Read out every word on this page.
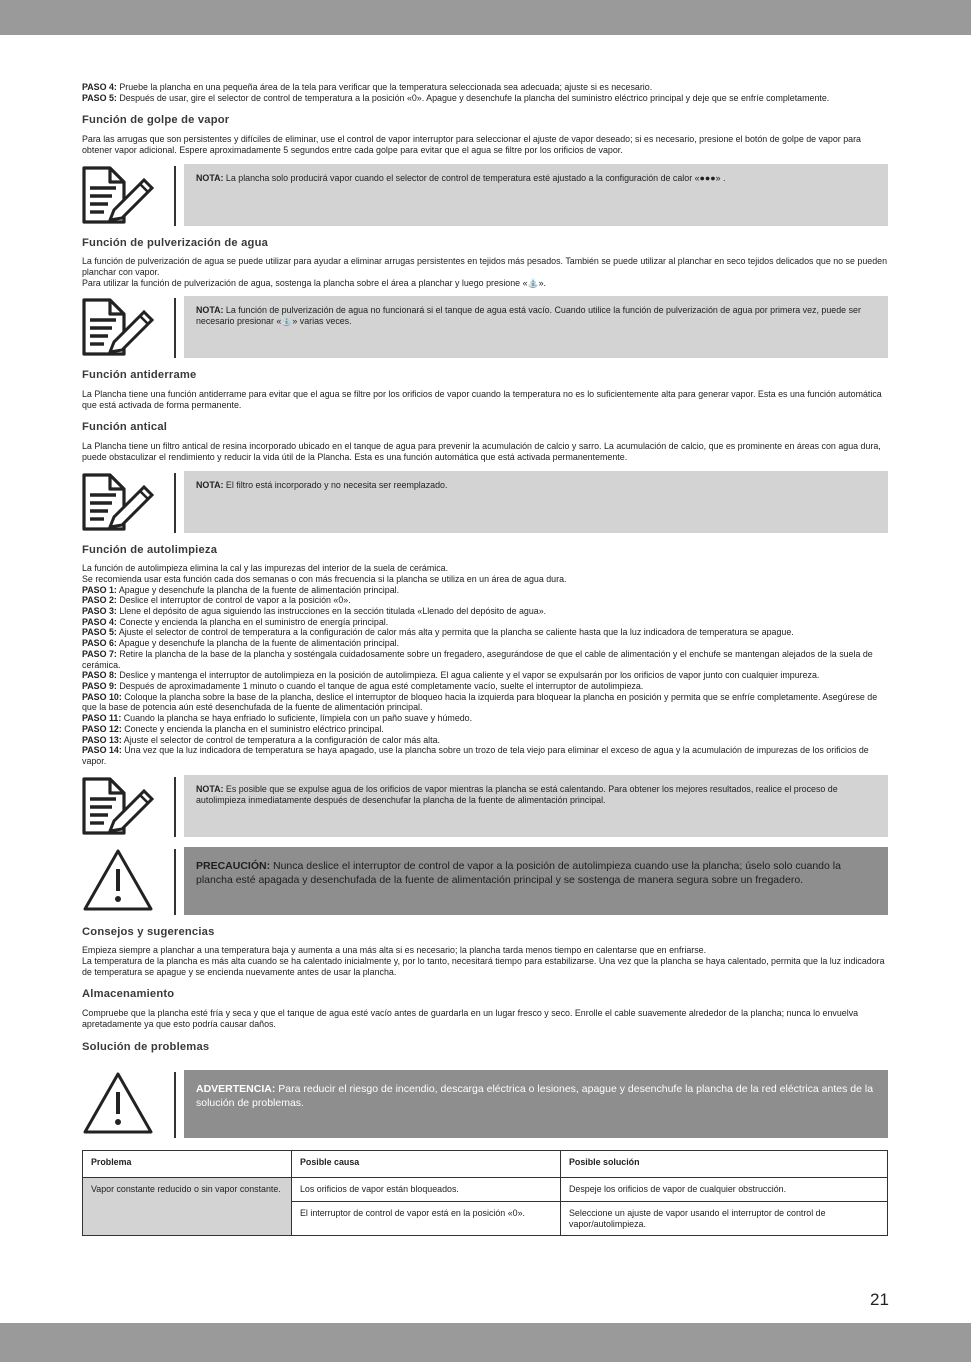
PASO 4: Pruebe la plancha en una pequeña área de la tela para verificar que la temperatura seleccionada sea adecuada; ajuste si es necesario.

PASO 5: Después de usar, gire el selector de control de temperatura a la posición «0». Apague y desenchufe la plancha del suministro eléctrico principal y deje que se enfríe completamente.

Función de golpe de vapor

Para las arrugas que son persistentes y difíciles de eliminar, use el control de vapor interruptor para seleccionar el ajuste de vapor deseado; si es necesario, presione el botón de golpe de vapor para obtener vapor adicional. Espere aproximadamente 5 segundos entre cada golpe para evitar que el agua se filtre por los orificios de vapor.

NOTA: La plancha solo producirá vapor cuando el selector de control de temperatura esté ajustado a la configuración de calor «●●●» .
Función de pulverización de agua

La función de pulverización de agua se puede utilizar para ayudar a eliminar arrugas persistentes en tejidos más pesados. También se puede utilizar al planchar en seco tejidos delicados que no se pueden planchar con vapor.

Para utilizar la función de pulverización de agua, sostenga la plancha sobre el área a planchar y luego presione «⛲».

NOTA: La función de pulverización de agua no funcionará si el tanque de agua está vacío. Cuando utilice la función de pulverización de agua por primera vez, puede ser necesario presionar «⛲» varias veces.
Función antiderrame

La Plancha tiene una función antiderrame para evitar que el agua se filtre por los orificios de vapor cuando la temperatura no es lo suficientemente alta para generar vapor. Esta es una función automática que está activada de forma permanente.

Función antical

La Plancha tiene un filtro antical de resina incorporado ubicado en el tanque de agua para prevenir la acumulación de calcio y sarro. La acumulación de calcio, que es prominente en áreas con agua dura, puede obstaculizar el rendimiento y reducir la vida útil de la Plancha. Esta es una función automática que está activada permanentemente.

NOTA: El filtro está incorporado y no necesita ser reemplazado.
Función de autolimpieza

La función de autolimpieza elimina la cal y las impurezas del interior de la suela de cerámica.

Se recomienda usar esta función cada dos semanas o con más frecuencia si la plancha se utiliza en un área de agua dura.

PASO 1: Apague y desenchufe la plancha de la fuente de alimentación principal.

PASO 2: Deslice el interruptor de control de vapor a la posición «0».

PASO 3: Llene el depósito de agua siguiendo las instrucciones en la sección titulada «Llenado del depósito de agua».

PASO 4: Conecte y encienda la plancha en el suministro de energía principal.

PASO 5: Ajuste el selector de control de temperatura a la configuración de calor más alta y permita que la plancha se caliente hasta que la luz indicadora de temperatura se apague.

PASO 6: Apague y desenchufe la plancha de la fuente de alimentación principal.

PASO 7: Retire la plancha de la base de la plancha y sosténgala cuidadosamente sobre un fregadero, asegurándose de que el cable de alimentación y el enchufe se mantengan alejados de la suela de cerámica.

PASO 8: Deslice y mantenga el interruptor de autolimpieza en la posición de autolimpieza. El agua caliente y el vapor se expulsarán por los orificios de vapor junto con cualquier impureza.

PASO 9: Después de aproximadamente 1 minuto o cuando el tanque de agua esté completamente vacío, suelte el interruptor de autolimpieza.

PASO 10: Coloque la plancha sobre la base de la plancha, deslice el interruptor de bloqueo hacia la izquierda para bloquear la plancha en posición y permita que se enfríe completamente. Asegúrese de que la base de potencia aún esté desenchufada de la fuente de alimentación principal.

PASO 11: Cuando la plancha se haya enfriado lo suficiente, límpiela con un paño suave y húmedo.

PASO 12: Conecte y encienda la plancha en el suministro eléctrico principal.

PASO 13: Ajuste el selector de control de temperatura a la configuración de calor más alta.

PASO 14: Una vez que la luz indicadora de temperatura se haya apagado, use la plancha sobre un trozo de tela viejo para eliminar el exceso de agua y la acumulación de impurezas de los orificios de vapor.

NOTA: Es posible que se expulse agua de los orificios de vapor mientras la plancha se está calentando. Para obtener los mejores resultados, realice el proceso de autolimpieza inmediatamente después de desenchufar la plancha de la fuente de alimentación principal.
PRECAUCIÓN: Nunca deslice el interruptor de control de vapor a la posición de autolimpieza cuando use la plancha; úselo solo cuando la plancha esté apagada y desenchufada de la fuente de alimentación principal y se sostenga de manera segura sobre un fregadero.
Consejos y sugerencias

Empieza siempre a planchar a una temperatura baja y aumenta a una más alta si es necesario; la plancha tarda menos tiempo en calentarse que en enfriarse.

La temperatura de la plancha es más alta cuando se ha calentado inicialmente y, por lo tanto, necesitará tiempo para estabilizarse. Una vez que la plancha se haya calentado, permita que la luz indicadora de temperatura se apague y se encienda nuevamente antes de usar la plancha.

Almacenamiento

Compruebe que la plancha esté fría y seca y que el tanque de agua esté vacío antes de guardarla en un lugar fresco y seco. Enrolle el cable suavemente alrededor de la plancha; nunca lo envuelva apretadamente ya que esto podría causar daños.

Solución de problemas
ADVERTENCIA: Para reducir el riesgo de incendio, descarga eléctrica o lesiones, apague y desenchufe la plancha de la red eléctrica antes de la solución de problemas.
Problema	Posible causa	Posible solución
Vapor constante reducido o sin vapor constante.	Los orificios de vapor están bloqueados.	Despeje los orificios de vapor de cualquier obstrucción.
	El interruptor de control de vapor está en la posición «0».	Seleccione un ajuste de vapor usando el interruptor de control de vapor/autolimpieza.
21
